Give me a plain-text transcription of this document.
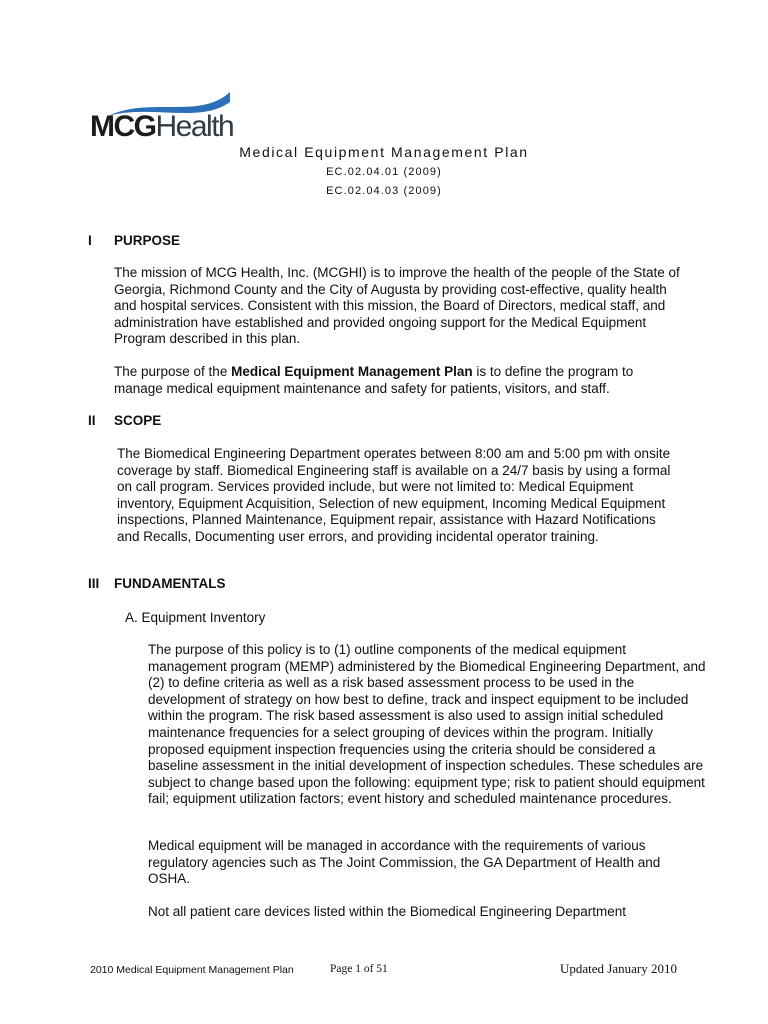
MCGHealth
Medical Equipment Management Plan
EC.02.04.01 (2009)
EC.02.04.03 (2009)
I PURPOSE

The mission of MCG Health, Inc. (MCGHI) is to improve the health of the people of the State of Georgia, Richmond County and the City of Augusta by providing cost-effective, quality health and hospital services. Consistent with this mission, the Board of Directors, medical staff, and administration have established and provided ongoing support for the Medical Equipment Program described in this plan.

The purpose of the Medical Equipment Management Plan is to define the program to manage medical equipment maintenance and safety for patients, visitors, and staff.

II SCOPE

The Biomedical Engineering Department operates between 8:00 am and 5:00 pm with onsite coverage by staff. Biomedical Engineering staff is available on a 24/7 basis by using a formal on call program. Services provided include, but were not limited to: Medical Equipment inventory, Equipment Acquisition, Selection of new equipment, Incoming Medical Equipment inspections, Planned Maintenance, Equipment repair, assistance with Hazard Notifications and Recalls, Documenting user errors, and providing incidental operator training.

III FUNDAMENTALS
A. Equipment Inventory

The purpose of this policy is to (1) outline components of the medical equipment management program (MEMP) administered by the Biomedical Engineering Department, and (2) to define criteria as well as a risk based assessment process to be used in the development of strategy on how best to define, track and inspect equipment to be included within the program. The risk based assessment is also used to assign initial scheduled maintenance frequencies for a select grouping of devices within the program. Initially proposed equipment inspection frequencies using the criteria should be considered a baseline assessment in the initial development of inspection schedules. These schedules are subject to change based upon the following: equipment type; risk to patient should equipment fail; equipment utilization factors; event history and scheduled maintenance procedures.

Medical equipment will be managed in accordance with the requirements of various regulatory agencies such as The Joint Commission, the GA Department of Health and OSHA.

Not all patient care devices listed within the Biomedical Engineering Department

2010 Medical Equipment Management Plan	Page 1 of 51	Updated January 2010
